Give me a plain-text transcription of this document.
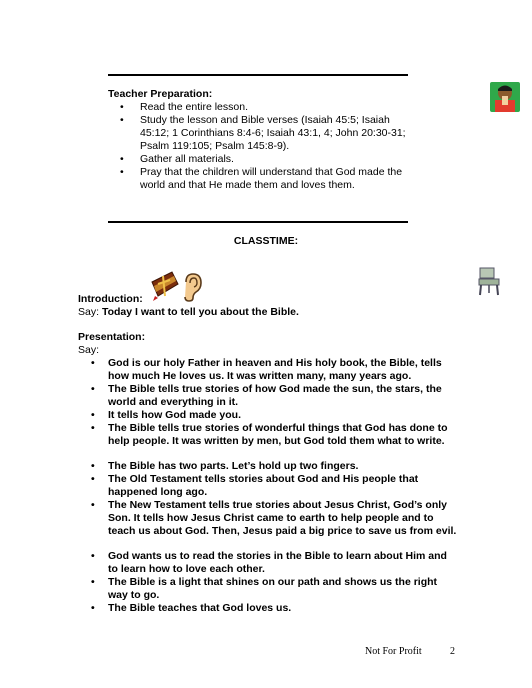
Teacher Preparation:
• Read the entire lesson.
• Study the lesson and Bible verses (Isaiah 45:5; Isaiah 45:12; 1 Corinthians 8:4-6; Isaiah 43:1, 4; John 20:30-31; Psalm 119:105; Psalm 145:8-9).
• Gather all materials.
• Pray that the children will understand that God made the world and that He made them and loves them.
CLASSTIME:
Introduction:
Say: Today I want to tell you about the Bible.
Presentation:
Say:
• God is our holy Father in heaven and His holy book, the Bible, tells how much He loves us. It was written many, many years ago.
• The Bible tells true stories of how God made the sun, the stars, the world and everything in it.
• It tells how God made you.
• The Bible tells true stories of wonderful things that God has done to help people. It was written by men, but God told them what to write.
• The Bible has two parts. Let’s hold up two fingers.
• The Old Testament tells stories about God and His people that happened long ago.
• The New Testament tells true stories about Jesus Christ, God’s only Son. It tells how Jesus Christ came to earth to help people and to teach us about God. Then, Jesus paid a big price to save us from evil.
• God wants us to read the stories in the Bible to learn about Him and to learn how to love each other.
• The Bible is a light that shines on our path and shows us the right way to go.
• The Bible teaches that God loves us.
Not For Profit	2
